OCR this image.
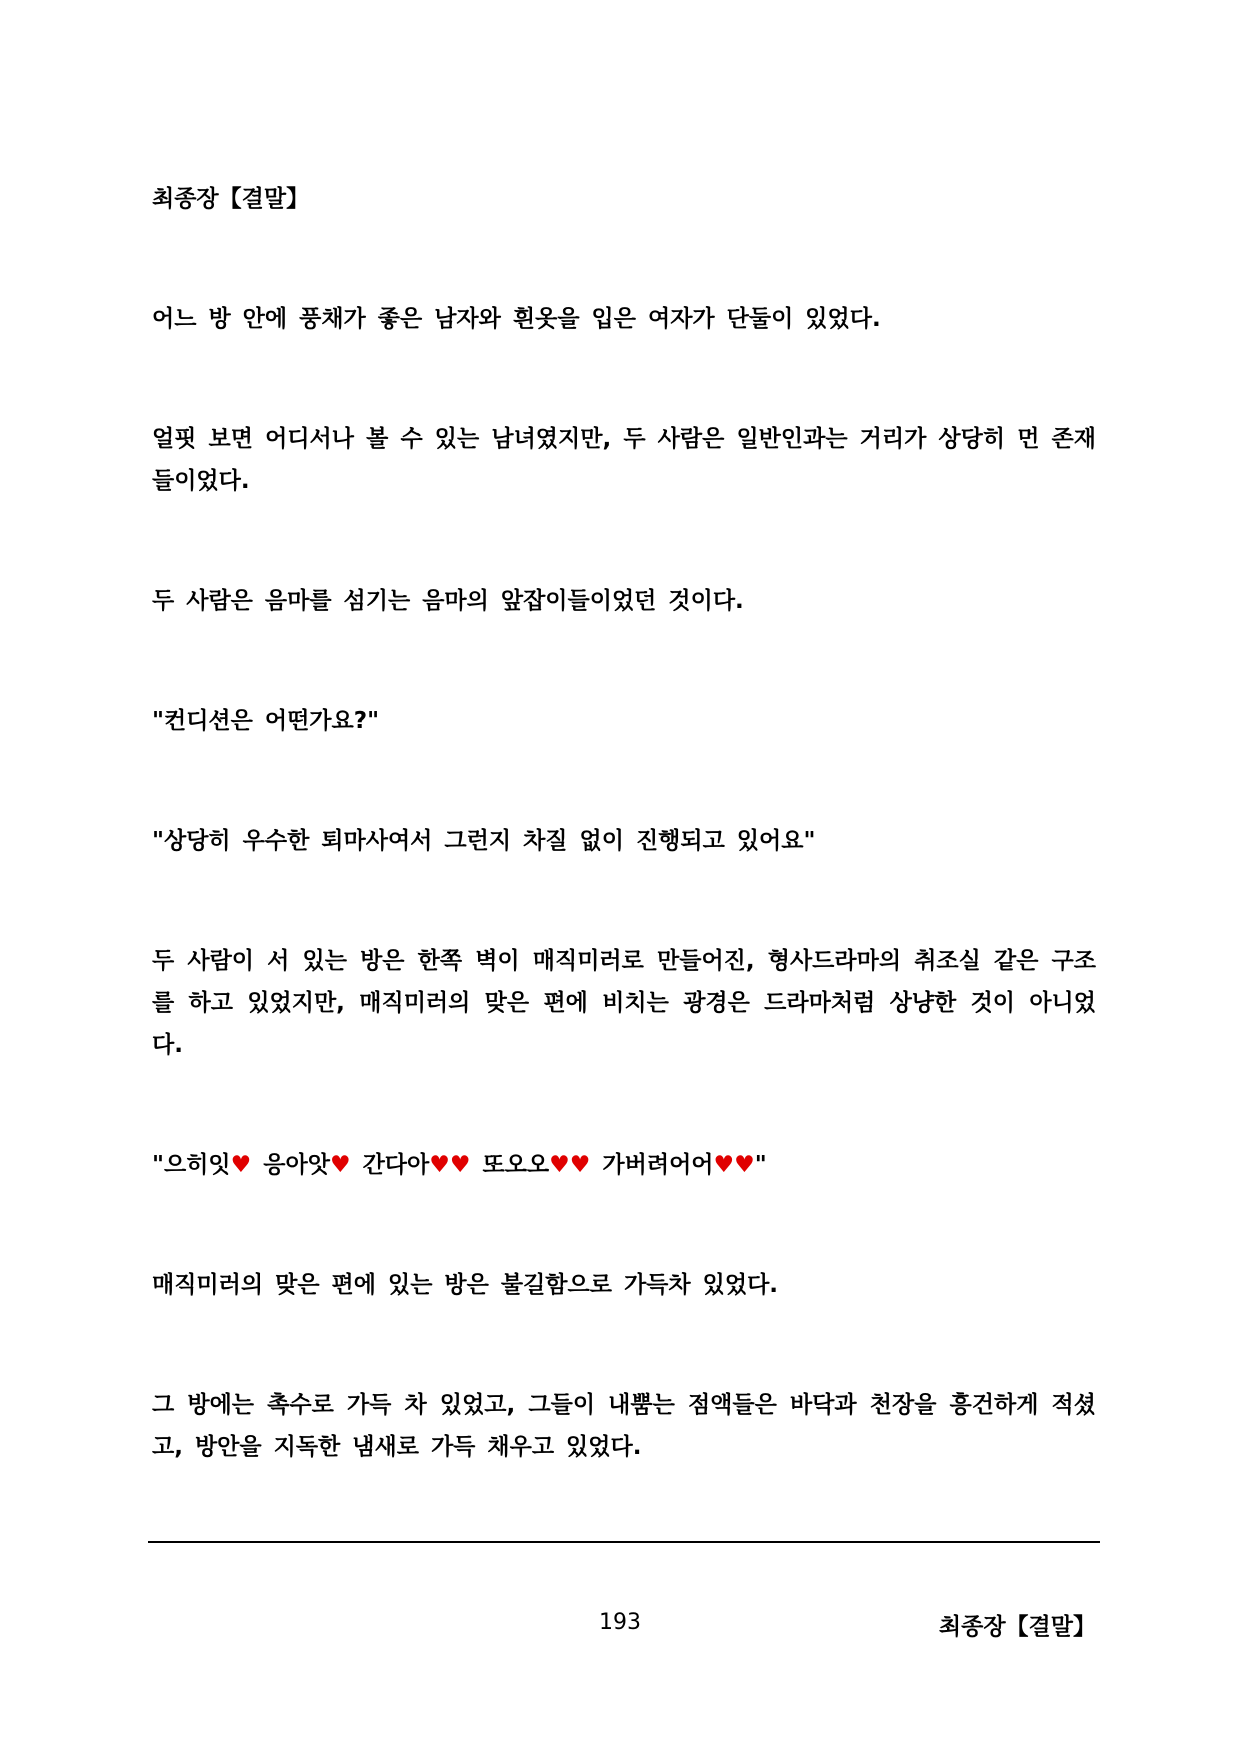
최종장【결말】

어느 방 안에 풍채가 좋은 남자와 흰옷을 입은 여자가 단둘이 있었다.

얼핏 보면 어디서나 볼 수 있는 남녀였지만, 두 사람은 일반인과는 거리가 상당히 먼 존재들이었다.

두 사람은 음마를 섬기는 음마의 앞잡이들이었던 것이다.

"컨디션은 어떤가요?"

"상당히 우수한 퇴마사여서 그런지 차질 없이 진행되고 있어요"

두 사람이 서 있는 방은 한쪽 벽이 매직미러로 만들어진, 형사드라마의 취조실 같은 구조를 하고 있었지만, 매직미러의 맞은 편에 비치는 광경은 드라마처럼 상냥한 것이 아니었다.

"으히잇♥ 응아앗♥ 간다아♥♥ 또오오♥♥ 가버려어어♥♥"

매직미러의 맞은 편에 있는 방은 불길함으로 가득차 있었다.

그 방에는 촉수로 가득 차 있었고, 그들이 내뿜는 점액들은 바닥과 천장을 흥건하게 적셨고, 방안을 지독한 냄새로 가득 채우고 있었다.

193	최종장【결말】
